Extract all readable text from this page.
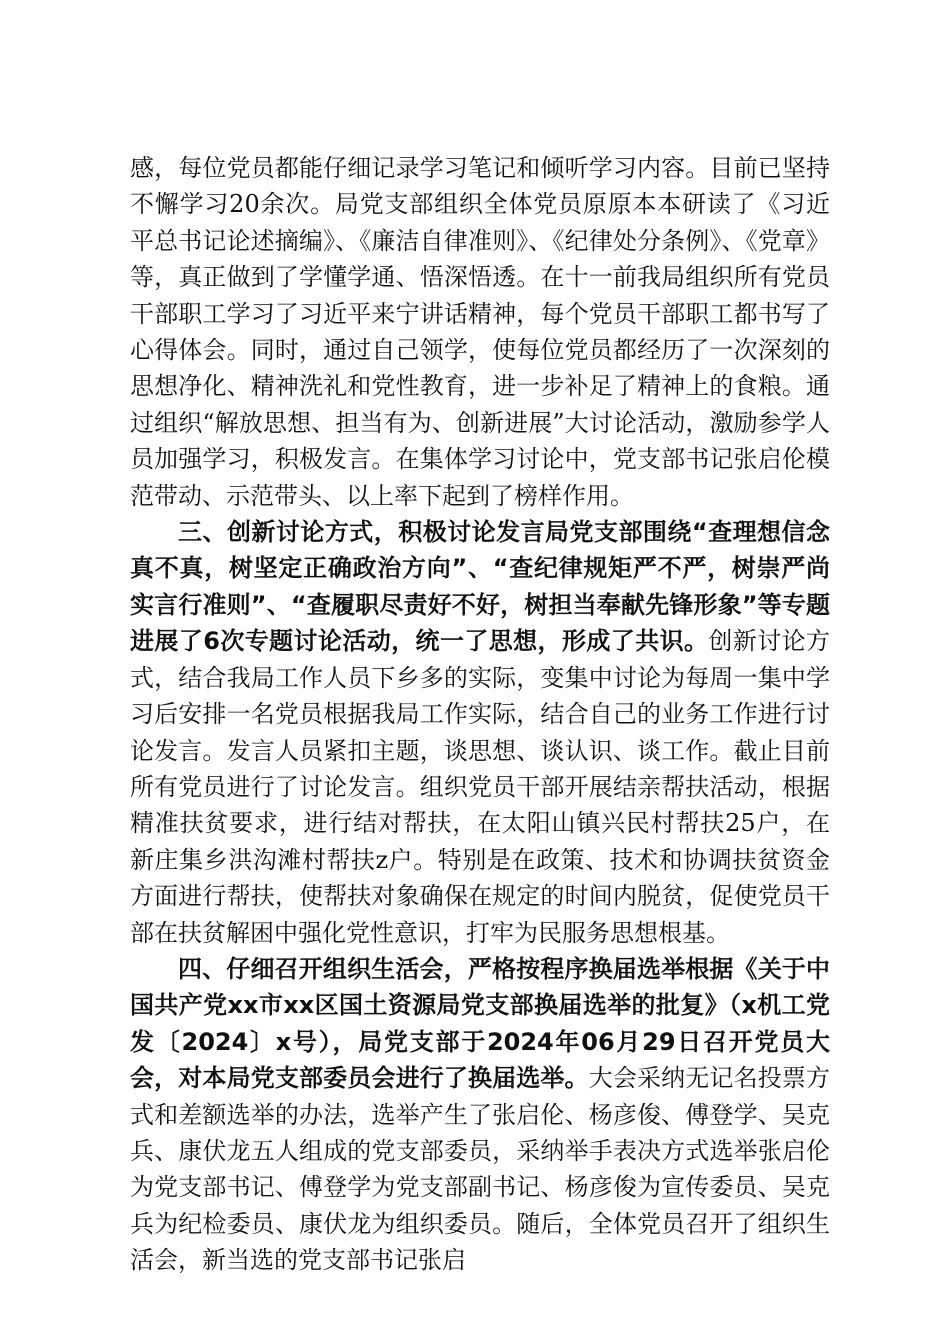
感，每位党员都能仔细记录学习笔记和倾听学习内容。目前已坚持不懈学习20余次。局党支部组织全体党员原原本本研读了《习近平总书记论述摘编》、《廉洁自律准则》、《纪律处分条例》、《党章》等，真正做到了学懂学通、悟深悟透。在十一前我局组织所有党员干部职工学习了习近平来宁讲话精神，每个党员干部职工都书写了心得体会。同时，通过自己领学，使每位党员都经历了一次深刻的思想净化、精神洗礼和党性教育，进一步补足了精神上的食粮。通过组织“解放思想、担当有为、创新进展”大讨论活动，激励参学人员加强学习，积极发言。在集体学习讨论中，党支部书记张启伦模范带动、示范带头、以上率下起到了榜样作用。

三、创新讨论方式，积极讨论发言局党支部围绕“查理想信念真不真，树坚定正确政治方向”、“查纪律规矩严不严，树崇严尚实言行准则”、“查履职尽责好不好，树担当奉献先锋形象”等专题进展了6次专题讨论活动，统一了思想，形成了共识。创新讨论方式，结合我局工作人员下乡多的实际，变集中讨论为每周一集中学习后安排一名党员根据我局工作实际，结合自己的业务工作进行讨论发言。发言人员紧扣主题，谈思想、谈认识、谈工作。截止目前所有党员进行了讨论发言。组织党员干部开展结亲帮扶活动，根据精准扶贫要求，进行结对帮扶，在太阳山镇兴民村帮扶25户，在新庄集乡洪沟滩村帮扶z户。特别是在政策、技术和协调扶贫资金方面进行帮扶，使帮扶对象确保在规定的时间内脱贫，促使党员干部在扶贫解困中强化党性意识，打牢为民服务思想根基。

四、仔细召开组织生活会，严格按程序换届选举根据《关于中国共产党xx市xx区国土资源局党支部换届选举的批复》（x机工党发〔2024〕x号），局党支部于2024年06月29日召开党员大会，对本局党支部委员会进行了换届选举。大会采纳无记名投票方式和差额选举的办法，选举产生了张启伦、杨彦俊、傅登学、吴克兵、康伏龙五人组成的党支部委员，采纳举手表决方式选举张启伦为党支部书记、傅登学为党支部副书记、杨彦俊为宣传委员、吴克兵为纪检委员、康伏龙为组织委员。随后，全体党员召开了组织生活会，新当选的党支部书记张启
